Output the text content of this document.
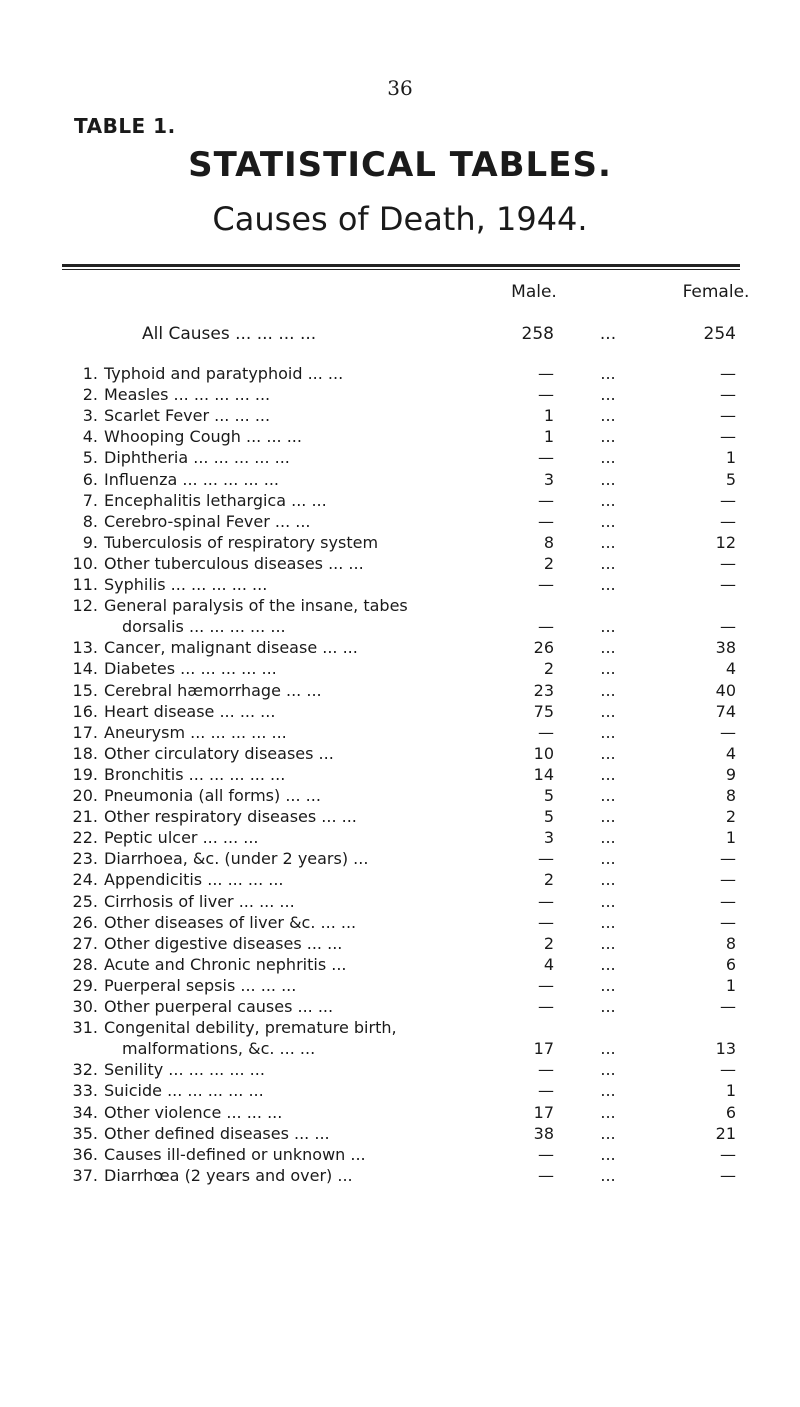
36
TABLE 1.
STATISTICAL TABLES.
Causes of Death, 1944.
Male.	Female.
All Causes ... ... ... ...	258	...	254
1. Typhoid and paratyphoid ... ...	—	...	—
2. Measles ... ... ... ... ...	—	...	—
3. Scarlet Fever ... ... ...	1	...	—
4. Whooping Cough ... ... ...	1	...	—
5. Diphtheria ... ... ... ... ...	—	...	1
6. Influenza ... ... ... ... ...	3	...	5
7. Encephalitis lethargica ... ...	—	...	—
8. Cerebro-spinal Fever ... ...	—	...	—
9. Tuberculosis of respiratory system	8	...	12
10. Other tuberculous diseases ... ...	2	...	—
11. Syphilis ... ... ... ... ...	—	...	—
12. General paralysis of the insane, tabes
dorsalis ... ... ... ... ...	—	...	—
13. Cancer, malignant disease ... ...	26	...	38
14. Diabetes ... ... ... ... ...	2	...	4
15. Cerebral hæmorrhage ... ...	23	...	40
16. Heart disease ... ... ...	75	...	74
17. Aneurysm ... ... ... ... ...	—	...	—
18. Other circulatory diseases ...	10	...	4
19. Bronchitis ... ... ... ... ...	14	...	9
20. Pneumonia (all forms) ... ...	5	...	8
21. Other respiratory diseases ... ...	5	...	2
22. Peptic ulcer ... ... ...	3	...	1
23. Diarrhoea, &c. (under 2 years) ...	—	...	—
24. Appendicitis ... ... ... ...	2	...	—
25. Cirrhosis of liver ... ... ...	—	...	—
26. Other diseases of liver &c. ... ...	—	...	—
27. Other digestive diseases ... ...	2	...	8
28. Acute and Chronic nephritis ...	4	...	6
29. Puerperal sepsis ... ... ...	—	...	1
30. Other puerperal causes ... ...	—	...	—
31. Congenital debility, premature birth,
malformations, &c. ... ...	17	...	13
32. Senility ... ... ... ... ...	—	...	—
33. Suicide ... ... ... ... ...	—	...	1
34. Other violence ... ... ...	17	...	6
35. Other defined diseases ... ...	38	...	21
36. Causes ill-defined or unknown ...	—	...	—
37. Diarrhœa (2 years and over) ...	—	...	—
